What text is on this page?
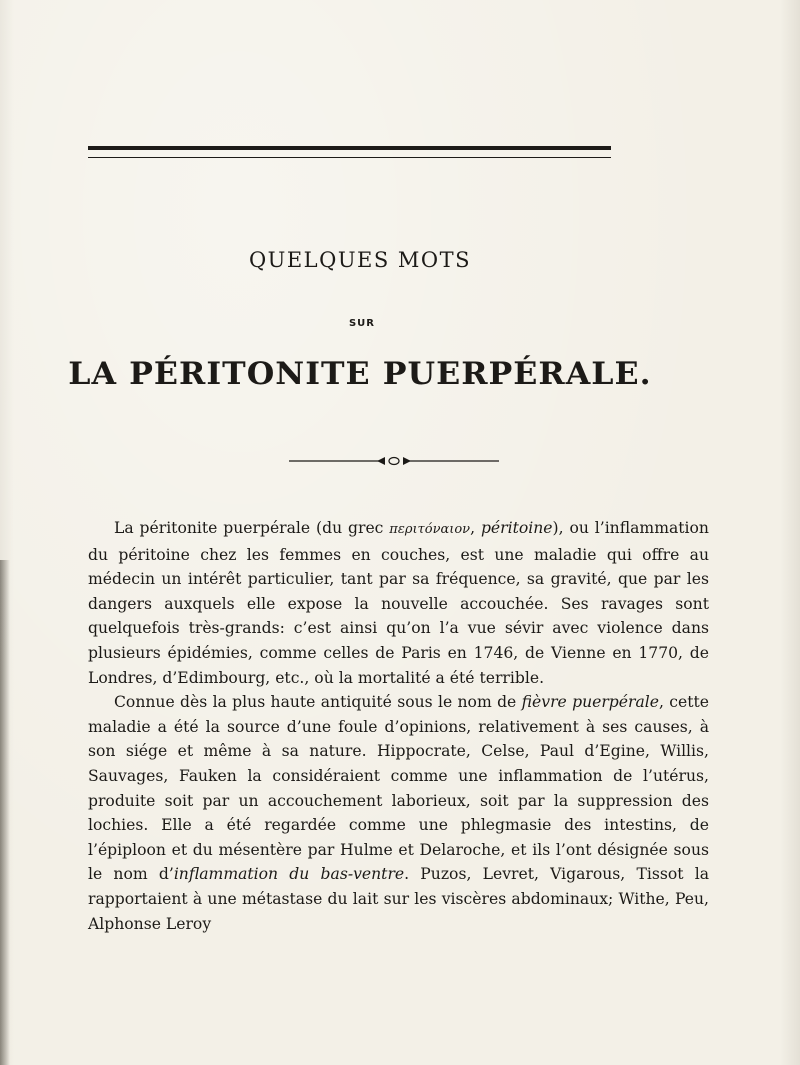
QUELQUES MOTS
SUR
LA PÉRITONITE PUERPÉRALE.

La péritonite puerpérale (du grec περιτόναιον, péritoine), ou l’inflammation du péritoine chez les femmes en couches, est une maladie qui offre au médecin un intérêt particulier, tant par sa fréquence, sa gravité, que par les dangers auxquels elle expose la nouvelle accouchée. Ses ravages sont quelquefois très-grands: c’est ainsi qu’on l’a vue sévir avec violence dans plusieurs épidémies, comme celles de Paris en 1746, de Vienne en 1770, de Londres, d’Edimbourg, etc., où la mortalité a été terrible.

Connue dès la plus haute antiquité sous le nom de fièvre puerpérale, cette maladie a été la source d’une foule d’opinions, relativement à ses causes, à son siége et même à sa nature. Hippocrate, Celse, Paul d’Egine, Willis, Sauvages, Fauken la considéraient comme une inflammation de l’utérus, produite soit par un accouchement laborieux, soit par la suppression des lochies. Elle a été regardée comme une phlegmasie des intestins, de l’épiploon et du mésentère par Hulme et Delaroche, et ils l’ont désignée sous le nom d’inflammation du bas-ventre. Puzos, Levret, Vigarous, Tissot la rapportaient à une métastase du lait sur les viscères abdominaux; Withe, Peu, Alphonse Leroy
